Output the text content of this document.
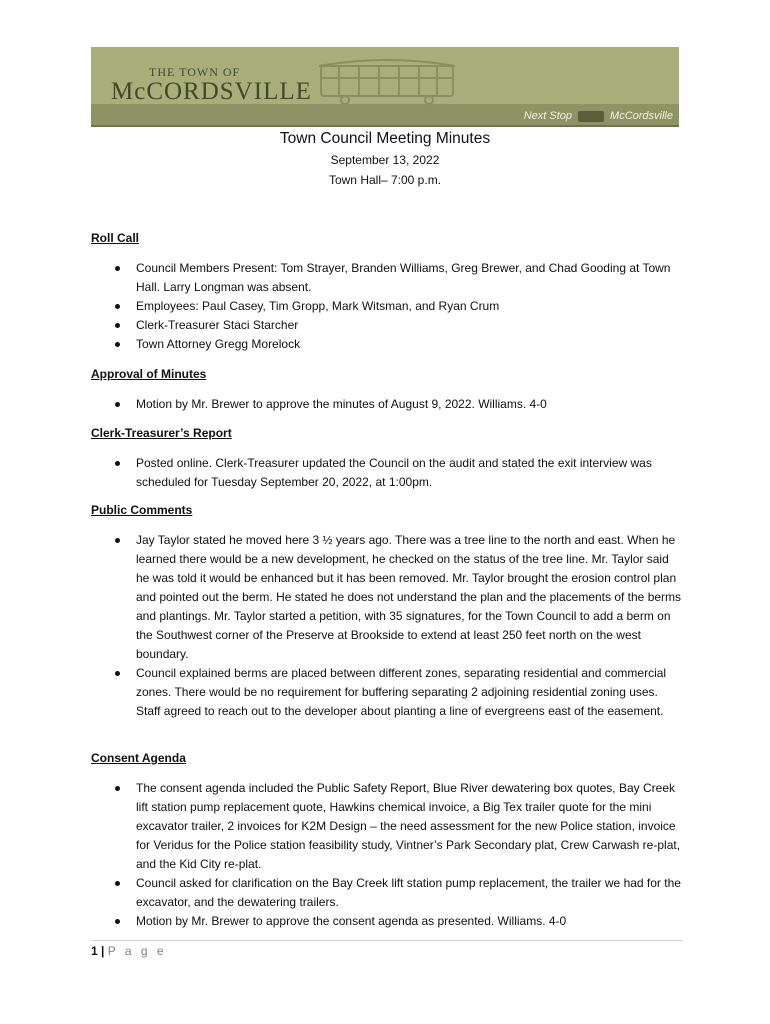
THE TOWN OF
McCORDSVILLE
Next Stop	McCordsville
Town Council Meeting Minutes
September 13, 2022
Town Hall– 7:00 p.m.

Roll Call

Council Members Present: Tom Strayer, Branden Williams, Greg Brewer, and Chad Gooding at Town Hall. Larry Longman was absent.
Employees: Paul Casey, Tim Gropp, Mark Witsman, and Ryan Crum
Clerk-Treasurer Staci Starcher
Town Attorney Gregg Morelock

Approval of Minutes

Motion by Mr. Brewer to approve the minutes of August 9, 2022. Williams. 4-0

Clerk-Treasurer’s Report

Posted online. Clerk-Treasurer updated the Council on the audit and stated the exit interview was scheduled for Tuesday September 20, 2022, at 1:00pm.

Public Comments

Jay Taylor stated he moved here 3 ½ years ago. There was a tree line to the north and east. When he learned there would be a new development, he checked on the status of the tree line. Mr. Taylor said he was told it would be enhanced but it has been removed. Mr. Taylor brought the erosion control plan and pointed out the berm. He stated he does not understand the plan and the placements of the berms and plantings. Mr. Taylor started a petition, with 35 signatures, for the Town Council to add a berm on the Southwest corner of the Preserve at Brookside to extend at least 250 feet north on the west boundary.
Council explained berms are placed between different zones, separating residential and commercial zones. There would be no requirement for buffering separating 2 adjoining residential zoning uses. Staff agreed to reach out to the developer about planting a line of evergreens east of the easement.

Consent Agenda

The consent agenda included the Public Safety Report, Blue River dewatering box quotes, Bay Creek lift station pump replacement quote, Hawkins chemical invoice, a Big Tex trailer quote for the mini excavator trailer, 2 invoices for K2M Design – the need assessment for the new Police station, invoice for Veridus for the Police station feasibility study, Vintner’s Park Secondary plat, Crew Carwash re-plat, and the Kid City re-plat.
Council asked for clarification on the Bay Creek lift station pump replacement, the trailer we had for the excavator, and the dewatering trailers.
Motion by Mr. Brewer to approve the consent agenda as presented. Williams. 4-0
1 | P a g e
